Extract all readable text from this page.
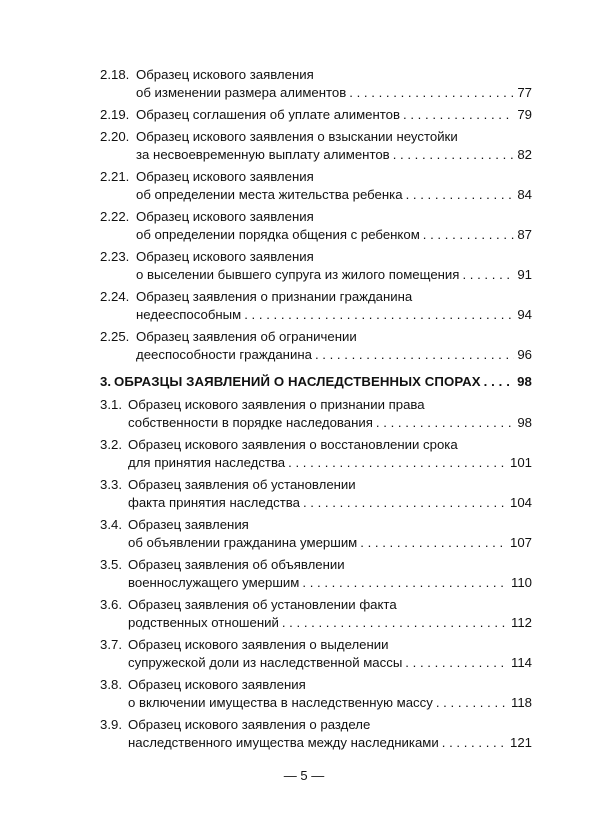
2.18. Образец искового заявления
об изменении размера алиментов . . .	77
2.19. Образец соглашения об уплате алиментов . . .	79
2.20. Образец искового заявления о взыскании неустойки
за несвоевременную выплату алиментов . . .	82
2.21. Образец искового заявления
об определении места жительства ребенка . . .	84
2.22. Образец искового заявления
об определении порядка общения с ребенком . . .	87
2.23. Образец искового заявления
о выселении бывшего супруга из жилого помещения . . .	91
2.24. Образец заявления о признании гражданина
недееспособным . . .	94
2.25. Образец заявления об ограничении
дееспособности гражданина . . .	96
3. ОБРАЗЦЫ ЗАЯВЛЕНИЙ О НАСЛЕДСТВЕННЫХ СПОРАХ . . .	98
3.1. Образец искового заявления о признании права
собственности в порядке наследования . . .	98
3.2. Образец искового заявления о восстановлении срока
для принятия наследства . . .	101
3.3. Образец заявления об установлении
факта принятия наследства . . .	104
3.4. Образец заявления
об объявлении гражданина умершим . . .	107
3.5. Образец заявления об объявлении
военнослужащего умершим . . .	110
3.6. Образец заявления об установлении факта
родственных отношений . . .	112
3.7. Образец искового заявления о выделении
супружеской доли из наследственной массы . . .	114
3.8. Образец искового заявления
о включении имущества в наследственную массу . . .	118
3.9. Образец искового заявления о разделе
наследственного имущества между наследниками . . .	121
— 5 —
